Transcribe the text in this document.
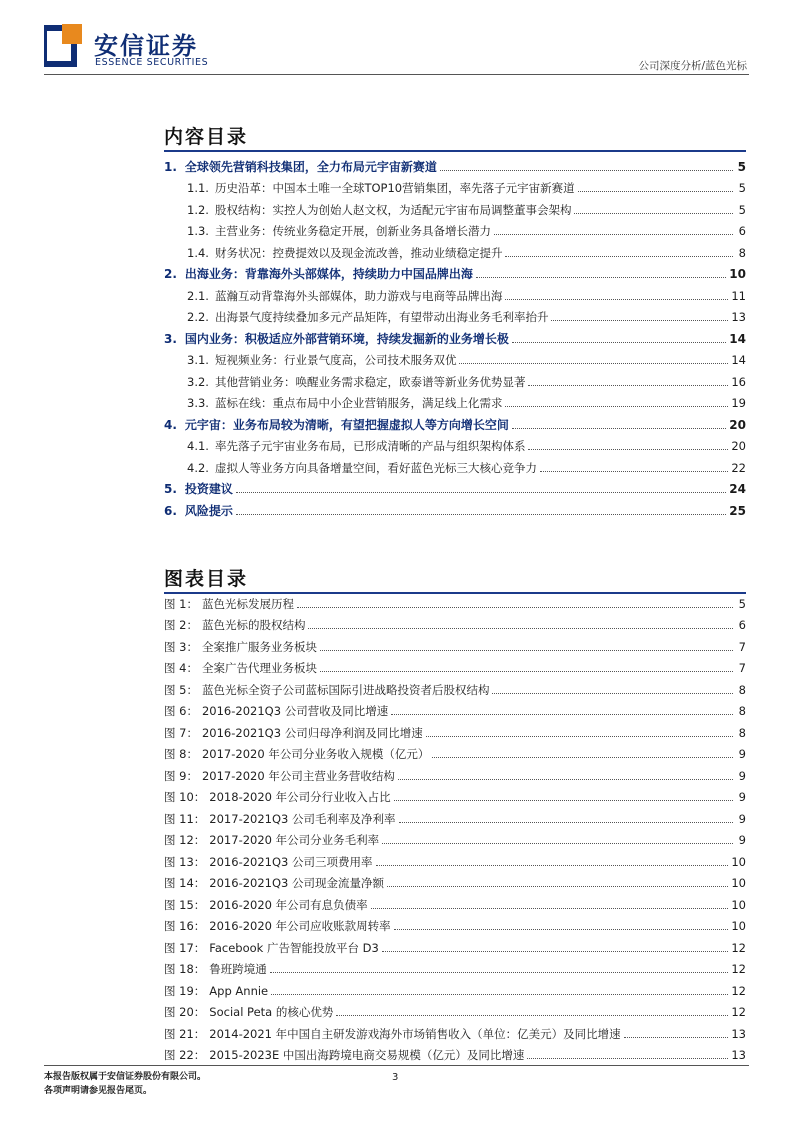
安信证券
ESSENCE SECURITIES	公司深度分析/蓝色光标
内容目录
1. 全球领先营销科技集团，全力布局元宇宙新赛道	5
1.1. 历史沿革：中国本土唯一全球TOP10营销集团，率先落子元宇宙新赛道	5
1.2. 股权结构：实控人为创始人赵文权，为适配元宇宙布局调整董事会架构	5
1.3. 主营业务：传统业务稳定开展，创新业务具备增长潜力	6
1.4. 财务状况：控费提效以及现金流改善，推动业绩稳定提升	8
2. 出海业务：背靠海外头部媒体，持续助力中国品牌出海	10
2.1. 蓝瀚互动背靠海外头部媒体，助力游戏与电商等品牌出海	11
2.2. 出海景气度持续叠加多元产品矩阵，有望带动出海业务毛利率抬升	13
3. 国内业务：积极适应外部营销环境，持续发掘新的业务增长极	14
3.1. 短视频业务：行业景气度高，公司技术服务双优	14
3.2. 其他营销业务：唤醒业务需求稳定，欧泰谱等新业务优势显著	16
3.3. 蓝标在线：重点布局中小企业营销服务，满足线上化需求	19
4. 元宇宙：业务布局较为清晰，有望把握虚拟人等方向增长空间	20
4.1. 率先落子元宇宙业务布局，已形成清晰的产品与组织架构体系	20
4.2. 虚拟人等业务方向具备增量空间，看好蓝色光标三大核心竞争力	22
5. 投资建议	24
6. 风险提示	25
图表目录
图 1： 蓝色光标发展历程	5
图 2： 蓝色光标的股权结构	6
图 3： 全案推广服务业务板块	7
图 4： 全案广告代理业务板块	7
图 5： 蓝色光标全资子公司蓝标国际引进战略投资者后股权结构	8
图 6： 2016-2021Q3 公司营收及同比增速	8
图 7： 2016-2021Q3 公司归母净利润及同比增速	8
图 8： 2017-2020 年公司分业务收入规模（亿元）	9
图 9： 2017-2020 年公司主营业务营收结构	9
图 10： 2018-2020 年公司分行业收入占比	9
图 11： 2017-2021Q3 公司毛利率及净利率	9
图 12： 2017-2020 年公司分业务毛利率	9
图 13： 2016-2021Q3 公司三项费用率	10
图 14： 2016-2021Q3 公司现金流量净额	10
图 15： 2016-2020 年公司有息负债率	10
图 16： 2016-2020 年公司应收账款周转率	10
图 17： Facebook 广告智能投放平台 D3	12
图 18： 鲁班跨境通	12
图 19： App Annie	12
图 20： Social Peta 的核心优势	12
图 21： 2014-2021 年中国自主研发游戏海外市场销售收入（单位：亿美元）及同比增速	13
图 22： 2015-2023E 中国出海跨境电商交易规模（亿元）及同比增速	13
本报告版权属于安信证券股份有限公司。
各项声明请参见报告尾页。
3
